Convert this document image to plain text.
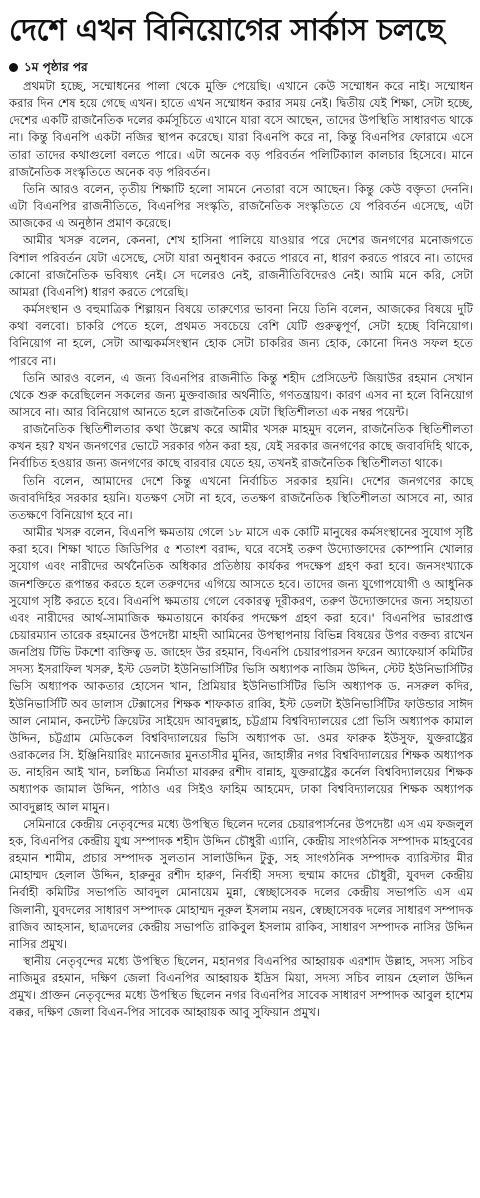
দেশে এখন বিনিয়োগের সার্কাস চলছে
১ম পৃষ্ঠার পর

প্রথমটা হচ্ছে, সম্মোধনের পালা থেকে মুক্তি পেয়েছি। এখানে কেউ সম্মোধন করে নাই। সম্মোধন করার দিন শেষ হয়ে গেছে এখন। হাতে এখন সম্মোধন করার সময় নেই। দ্বিতীয় যেই শিক্ষা, সেটা হচ্ছে, দেশের একটি রাজনৈতিক দলের কর্মসূচিতে এখানে যারা বসে আছেন, তাদের উপস্থিতি সাধারণত থাকে না। কিন্তু বিএনপি একটা নজির স্থাপন করেছে। যারা বিএনপি করে না, কিন্তু বিএনপির ফোরামে এসে তারা তাদের কথাগুলো বলতে পারে। এটা অনেক বড় পরিবর্তন পলিটিক্যাল কালচার হিসেবে। মানে রাজনৈতিক সংস্কৃতিতে অনেক বড় পরিবর্তন।

তিনি আরও বলেন, তৃতীয় শিক্ষাটি হলো সামনে নেতারা বসে আছেন। কিন্তু কেউ বক্তৃতা দেননি। এটা বিএনপির রাজনীতিতে, বিএনপির সংস্কৃতি, রাজনৈতিক সংস্কৃতিতে যে পরিবর্তন এসেছে, এটা আজকের এ অনুষ্ঠান প্রমাণ করেছে।

আমীর খসরু বলেন, কেননা, শেখ হাসিনা পালিয়ে যাওয়ার পরে দেশের জনগণের মনোজগতে বিশাল পরিবর্তন যেটা এসেছে, সেটা যারা অনুধাবন করতে পারবে না, ধারণ করতে পারবে না। তাদের কোনো রাজনৈতিক ভবিষ্যৎ নেই। সে দলেরও নেই, রাজনীতিবিদেরও নেই। আমি মনে করি, সেটা আমরা (বিএনপি) ধারণ করতে পেরেছি।

কর্মসংস্থান ও বহুমাত্রিক শিল্পায়ন বিষয়ে তারুণ্যের ভাবনা নিয়ে তিনি বলেন, আজকের বিষয়ে দুটি কথা বলবো। চাকরি পেতে হলে, প্রথমত সবচেয়ে বেশি যেটি গুরুত্বপূর্ণ, সেটা হচ্ছে বিনিয়োগ। বিনিয়োগ না হলে, সেটা আত্মকর্মসংস্থান হোক সেটা চাকরির জন্য হোক, কোনো দিনও সফল হতে পারবে না।

তিনি আরও বলেন, এ জন্য বিএনপির রাজনীতি কিন্তু শহীদ প্রেসিডেন্ট জিয়াউর রহমান সেখান থেকে শুরু করেছিলেন সকলের জন্য মুক্তবাজার অর্থনীতি, গণতন্ত্রায়ণ। কারণ এসব না হলে বিনিয়োগ আসবে না। আর বিনিয়োগ আনতে হলে রাজনৈতিক যেটা স্থিতিশীলতা এক নম্বর পয়েন্ট।

রাজনৈতিক স্থিতিশীলতার কথা উল্লেখ করে আমীর খসরু মাহমুদ বলেন, রাজনৈতিক স্থিতিশীলতা কখন হয়? যখন জনগণের ভোটে সরকার গঠন করা হয়, যেই সরকার জনগণের কাছে জবাবদিহি থাকে, নির্বাচিত হওয়ার জন্য জনগণের কাছে বারবার যেতে হয়, তখনই রাজনৈতিক স্থিতিশীলতা থাকে।

তিনি বলেন, আমাদের দেশে কিন্তু এখনো নির্বাচিত সরকার হয়নি। দেশের জনগণের কাছে জবাবদিহির সরকার হয়নি। যতক্ষণ সেটা না হবে, ততক্ষণ রাজনৈতিক স্থিতিশীলতা আসবে না, আর ততক্ষণে বিনিয়োগ হবে না।

আমীর খসরু বলেন, বিএনপি ক্ষমতায় গেলে ১৮ মাসে এক কোটি মানুষের কর্মসংস্থানের সুযোগ সৃষ্টি করা হবে। শিক্ষা খাতে জিডিপির ৫ শতাংশ বরাদ্দ, ঘরে বসেই তরুণ উদ্যোক্তাদের কোম্পানি খোলার সুযোগ এবং নারীদের অর্থনৈতিক অধিকার প্রতিষ্ঠায় কার্যকর পদক্ষেপ গ্রহণ করা হবে। জনসংখ্যাকে জনশক্তিতে রূপান্তর করতে হলে তরুণদের এগিয়ে আসতে হবে। তাদের জন্য যুগোপযোগী ও আধুনিক সুযোগ সৃষ্টি করতে হবে। বিএনপি ক্ষমতায় গেলে বেকারত্ব দূরীকরণ, তরুণ উদ্যোক্তাদের জন্য সহায়তা এবং নারীদের আর্থ-সামাজিক ক্ষমতায়নে কার্যকর পদক্ষেপ গ্রহণ করা হবে।' বিএনপির ভারপ্রাপ্ত চেয়ারম্যান তারেক রহমানের উপদেষ্টা মাহদী আমিনের উপস্থাপনায় বিভিন্ন বিষয়ের উপর বক্তব্য রাখেন জনপ্রিয় টিভি টকশো ব্যক্তিত্ব ড. জাহেদ উর রহমান, বিএনপি চেয়ারপারসন ফরেন অ্যাফেয়ার্স কমিটির সদস্য ইসরাফিল খসরু, ইস্ট ডেলটা ইউনিভার্সিটির ভিসি অধ্যাপক নাজিম উদ্দিন, স্টেট ইউনিভার্সিটির ভিসি অধ্যাপক আকতার হোসেন খান, প্রিমিয়ার ইউনিভার্সিটির ভিসি অধ্যাপক ড. নসরুল কদির, ইউনিভার্সিটি অব ডালাস টেক্সাসের শিক্ষক শাফকাত রাব্বি, ইস্ট ডেলটা ইউনিভার্সিটির ফাউন্ডার সাঈদ আল নোমান, কনটেন্ট ক্রিয়েটর সাইয়েদ আবদুল্লাহ, চট্টগ্রাম বিশ্ববিদ্যালয়ের প্রো ভিসি অধ্যাপক কামাল উদ্দিন, চট্টগ্রাম মেডিকেল বিশ্ববিদ্যালয়ের ভিসি অধ্যাপক ডা. ওমর ফারুক ইউসুফ, যুক্তরাষ্ট্রের ওরাকলের সি. ইঞ্জিনিয়ারিং ম্যানেজার মুনতাসীর মুনির, জাহাঙ্গীর নগর বিশ্ববিদ্যালয়ের শিক্ষক অধ্যাপক ড. নাহরিন আই খান, চলচ্চিত্র নির্মাতা মাবরুর রশীদ বান্নাহ, যুক্তরাষ্ট্রের কর্নেল বিশ্ববিদ্যালয়ের শিক্ষক অধ্যাপক জামাল উদ্দিন, পাঠাও এর সিইও ফাহিম আহমেদ, ঢাকা বিশ্ববিদ্যালয়ের শিক্ষক অধ্যাপক আবদুল্লাহ আল মামুন।

সেমিনারে কেন্দ্রীয় নেতৃবৃন্দের মধ্যে উপস্থিত ছিলেন দলের চেয়ারপার্সনের উপদেষ্টা এস এম ফজলুল হক, বিএনপির কেন্দ্রীয় যুগ্ম সম্পাদক শহীদ উদ্দিন চৌধুরী এ্যানি, কেন্দ্রীয় সাংগঠনিক সম্পাদক মাহবুবের রহমান শামীম, প্রচার সম্পাদক সুলতান সালাউদ্দিন টুকু, সহ সাংগঠনিক সম্পাদক ব্যারিস্টার মীর মোহাম্মদ হেলাল উদ্দিন, হারুনুর রশীদ হারুণ, নির্বাহী সদস্য হুম্মাম কাদের চৌধুরী, যুবদল কেন্দ্রীয় নির্বাহী কমিটির সভাপতি আবদুল মোনায়েম মুন্না, স্বেচ্ছাসেবক দলের কেন্দ্রীয় সভাপতি এস এম জিলানী, যুবদলের সাধারণ সম্পাদক মোহাম্মদ নূরুল ইসলাম নয়ন, স্বেচ্ছাসেবক দলের সাধারণ সম্পাদক রাজিব আহসান, ছাত্রদলের কেন্দ্রীয় সভাপতি রাকিবুল ইসলাম রাকিব, সাধারণ সম্পাদক নাসির উদ্দিন নাসির প্রমুখ।

স্থানীয় নেতৃবৃন্দের মধ্যে উপস্থিত ছিলেন, মহানগর বিএনপির আহ্বায়ক এরশাদ উল্লাহ, সদস্য সচিব নাজিমুর রহমান, দক্ষিণ জেলা বিএনপির আহ্বায়ক ইদ্রিস মিয়া, সদস্য সচিব লায়ন হেলাল উদ্দিন প্রমুখ। প্রাক্তন নেতৃবৃন্দের মধ্যে উপস্থিত ছিলেন নগর বিএনপির সাবেক সাধারণ সম্পাদক আবুল হাশেম বক্কর, দক্ষিণ জেলা বিএন-পির সাবেক আহ্বায়ক আবু সুফিয়ান প্রমুখ।
